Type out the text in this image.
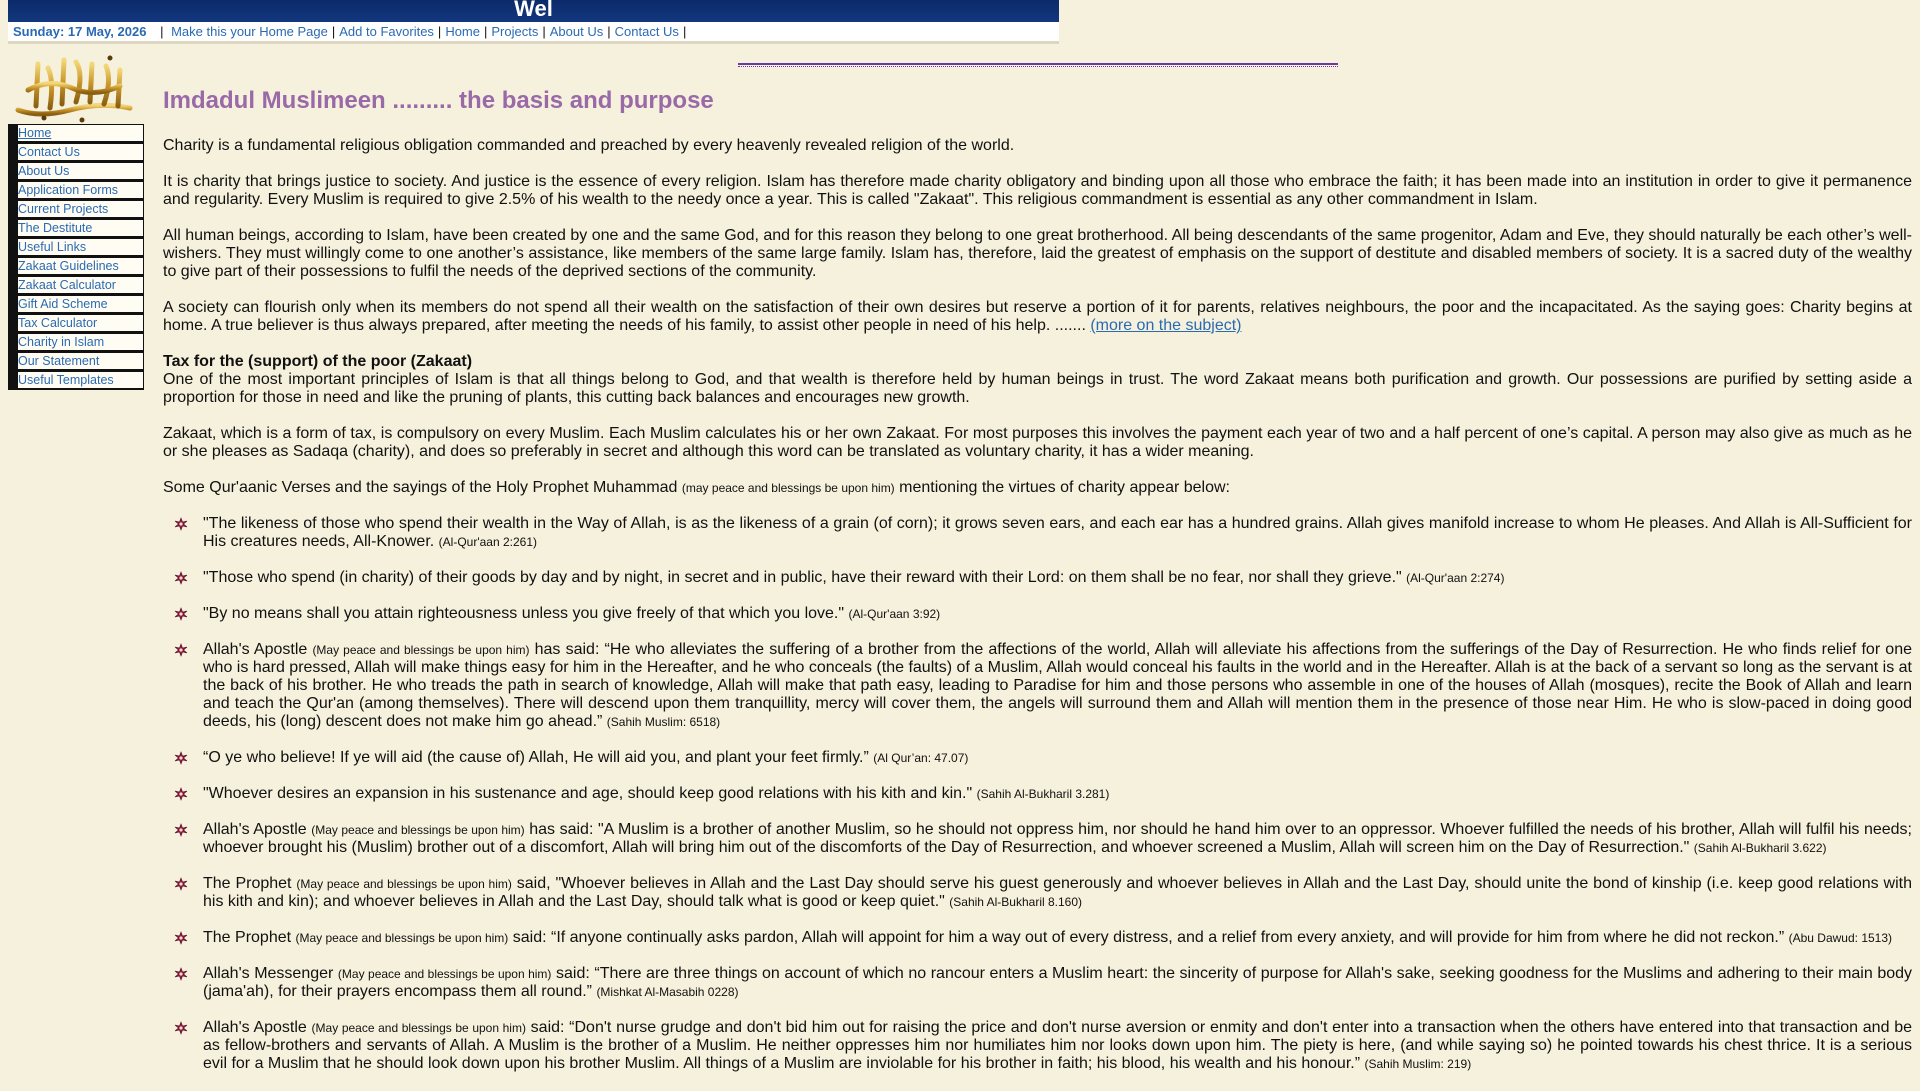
Wel
Sunday: 17 May, 2026 | Make this your Home Page | Add to Favorites | Home | Projects | About Us | Contact Us |
Home
Contact Us
About Us
Application Forms
Current Projects
The Destitute
Useful Links
Zakaat Guidelines
Zakaat Calculator
Gift Aid Scheme
Tax Calculator
Charity in Islam
Our Statement
Useful Templates
Imdadul Muslimeen ......... the basis and purpose

Charity is a fundamental religious obligation commanded and preached by every heavenly revealed religion of the world.

It is charity that brings justice to society. And justice is the essence of every religion. Islam has therefore made charity obligatory and binding upon all those who embrace the faith; it has been made into an institution in order to give it permanence and regularity. Every Muslim is required to give 2.5% of his wealth to the needy once a year. This is called "Zakaat". This religious commandment is essential as any other commandment in Islam.

All human beings, according to Islam, have been created by one and the same God, and for this reason they belong to one great brotherhood. All being descendants of the same progenitor, Adam and Eve, they should naturally be each other’s well-wishers. They must willingly come to one another’s assistance, like members of the same large family. Islam has, therefore, laid the greatest of emphasis on the support of destitute and disabled members of society. It is a sacred duty of the wealthy to give part of their possessions to fulfil the needs of the deprived sections of the community.

A society can flourish only when its members do not spend all their wealth on the satisfaction of their own desires but reserve a portion of it for parents, relatives neighbours, the poor and the incapacitated. As the saying goes: Charity begins at home. A true believer is thus always prepared, after meeting the needs of his family, to assist other people in need of his help. ....... (more on the subject)

Tax for the (support) of the poor (Zakaat)

One of the most important principles of Islam is that all things belong to God, and that wealth is therefore held by human beings in trust. The word Zakaat means both purification and growth. Our possessions are purified by setting aside a proportion for those in need and like the pruning of plants, this cutting back balances and encourages new growth.

Zakaat, which is a form of tax, is compulsory on every Muslim. Each Muslim calculates his or her own Zakaat. For most purposes this involves the payment each year of two and a half percent of one’s capital. A person may also give as much as he or she pleases as Sadaqa (charity), and does so preferably in secret and although this word can be translated as voluntary charity, it has a wider meaning.

Some Qur'aanic Verses and the sayings of the Holy Prophet Muhammad (may peace and blessings be upon him) mentioning the virtues of charity appear below:

"The likeness of those who spend their wealth in the Way of Allah, is as the likeness of a grain (of corn); it grows seven ears, and each ear has a hundred grains. Allah gives manifold increase to whom He pleases. And Allah is All-Sufficient for His creatures needs, All-Knower. (Al-Qur'aan 2:261)
"Those who spend (in charity) of their goods by day and by night, in secret and in public, have their reward with their Lord: on them shall be no fear, nor shall they grieve." (Al-Qur'aan 2:274)
"By no means shall you attain righteousness unless you give freely of that which you love." (Al-Qur'aan 3:92)
Allah's Apostle (May peace and blessings be upon him) has said: “He who alleviates the suffering of a brother from the affections of the world, Allah will alleviate his affections from the sufferings of the Day of Resurrection. He who finds relief for one who is hard pressed, Allah will make things easy for him in the Hereafter, and he who conceals (the faults) of a Muslim, Allah would conceal his faults in the world and in the Hereafter. Allah is at the back of a servant so long as the servant is at the back of his brother. He who treads the path in search of knowledge, Allah will make that path easy, leading to Paradise for him and those persons who assemble in one of the houses of Allah (mosques), recite the Book of Allah and learn and teach the Qur'an (among themselves). There will descend upon them tranquillity, mercy will cover them, the angels will surround them and Allah will mention them in the presence of those near Him. He who is slow-paced in doing good deeds, his (long) descent does not make him go ahead.” (Sahih Muslim: 6518)
“O ye who believe! If ye will aid (the cause of) Allah, He will aid you, and plant your feet firmly.” (Al Qur’an: 47.07)
"Whoever desires an expansion in his sustenance and age, should keep good relations with his kith and kin." (Sahih Al-Bukharil 3.281)
Allah's Apostle (May peace and blessings be upon him) has said: "A Muslim is a brother of another Muslim, so he should not oppress him, nor should he hand him over to an oppressor. Whoever fulfilled the needs of his brother, Allah will fulfil his needs; whoever brought his (Muslim) brother out of a discomfort, Allah will bring him out of the discomforts of the Day of Resurrection, and whoever screened a Muslim, Allah will screen him on the Day of Resurrection." (Sahih Al-Bukharil 3.622)
The Prophet (May peace and blessings be upon him) said, "Whoever believes in Allah and the Last Day should serve his guest generously and whoever believes in Allah and the Last Day, should unite the bond of kinship (i.e. keep good relations with his kith and kin); and whoever believes in Allah and the Last Day, should talk what is good or keep quiet." (Sahih Al-Bukharil 8.160)
The Prophet (May peace and blessings be upon him) said: “If anyone continually asks pardon, Allah will appoint for him a way out of every distress, and a relief from every anxiety, and will provide for him from where he did not reckon.” (Abu Dawud: 1513)
Allah's Messenger (May peace and blessings be upon him) said: “There are three things on account of which no rancour enters a Muslim heart: the sincerity of purpose for Allah's sake, seeking goodness for the Muslims and adhering to their main body (jama'ah), for their prayers encompass them all round.” (Mishkat Al-Masabih 0228)
Allah's Apostle (May peace and blessings be upon him) said: “Don't nurse grudge and don't bid him out for raising the price and don't nurse aversion or enmity and don't enter into a transaction when the others have entered into that transaction and be as fellow-brothers and servants of Allah. A Muslim is the brother of a Muslim. He neither oppresses him nor humiliates him nor looks down upon him. The piety is here, (and while saying so) he pointed towards his chest thrice. It is a serious evil for a Muslim that he should look down upon his brother Muslim. All things of a Muslim are inviolable for his brother in faith; his blood, his wealth and his honour.” (Sahih Muslim: 219)
